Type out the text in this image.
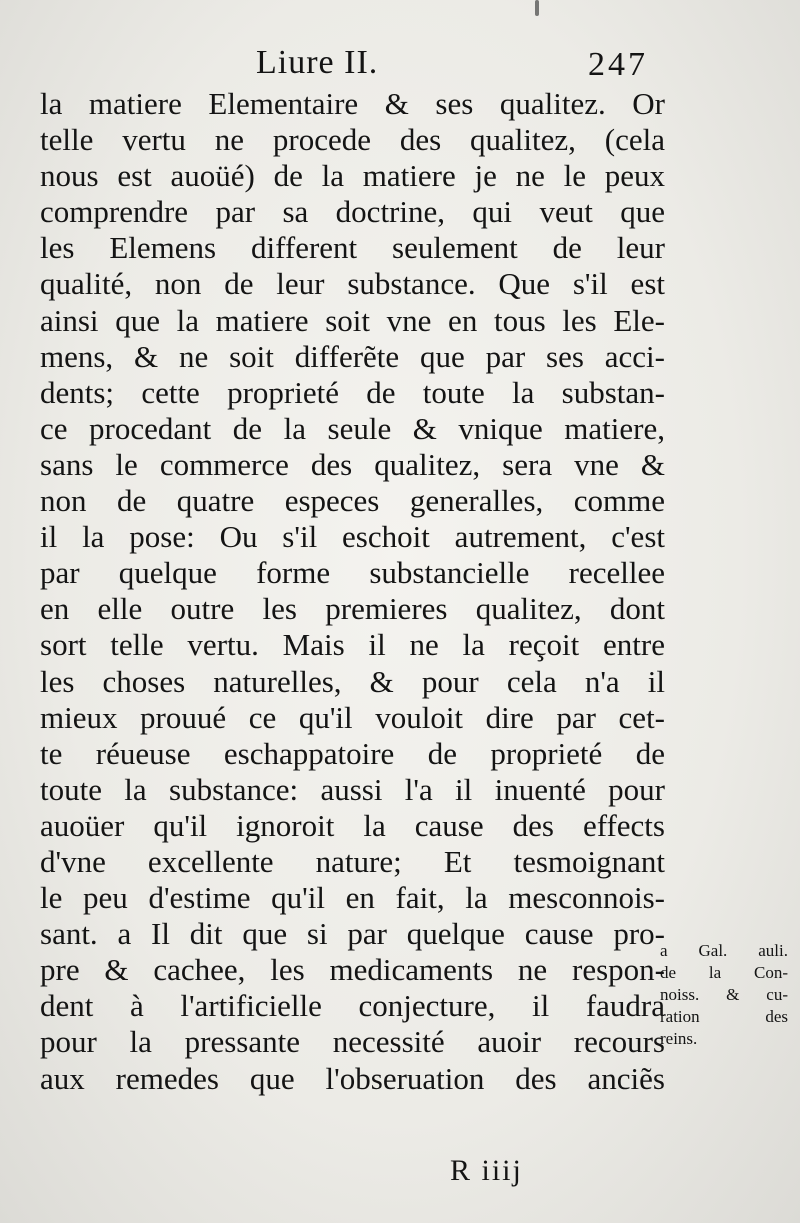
Liure II.	247
la matiere Elementaire & ses qualitez. Or
telle vertu ne procede des qualitez, (cela
nous est auoüé) de la matiere je ne le peux
comprendre par sa doctrine, qui veut que
les Elemens different seulement de leur
qualité, non de leur substance. Que s'il est
ainsi que la matiere soit vne en tous les Ele-
mens, & ne soit differẽte que par ses acci-
dents; cette proprieté de toute la substan-
ce procedant de la seule & vnique matiere,
sans le commerce des qualitez, sera vne &
non de quatre especes generalles, comme
il la pose: Ou s'il eschoit autrement, c'est
par quelque forme substancielle recellee
en elle outre les premieres qualitez, dont
sort telle vertu. Mais il ne la reçoit entre
les choses naturelles, & pour cela n'a il
mieux prouué ce qu'il vouloit dire par cet-
te réueuse eschappatoire de proprieté de
toute la substance: aussi l'a il inuenté pour
auoüer qu'il ignoroit la cause des effects
d'vne excellente nature; Et tesmoignant
le peu d'estime qu'il en fait, la mesconnois-
sant. a Il dit que si par quelque cause pro-
pre & cachee, les medicaments ne respon-
dent à l'artificielle conjecture, il faudra
pour la pressante necessité auoir recours
aux remedes que l'obseruation des anciẽs
a Gal. auli.
de la Con-
noiss. & cu-
ration des
reins.
R iiij
